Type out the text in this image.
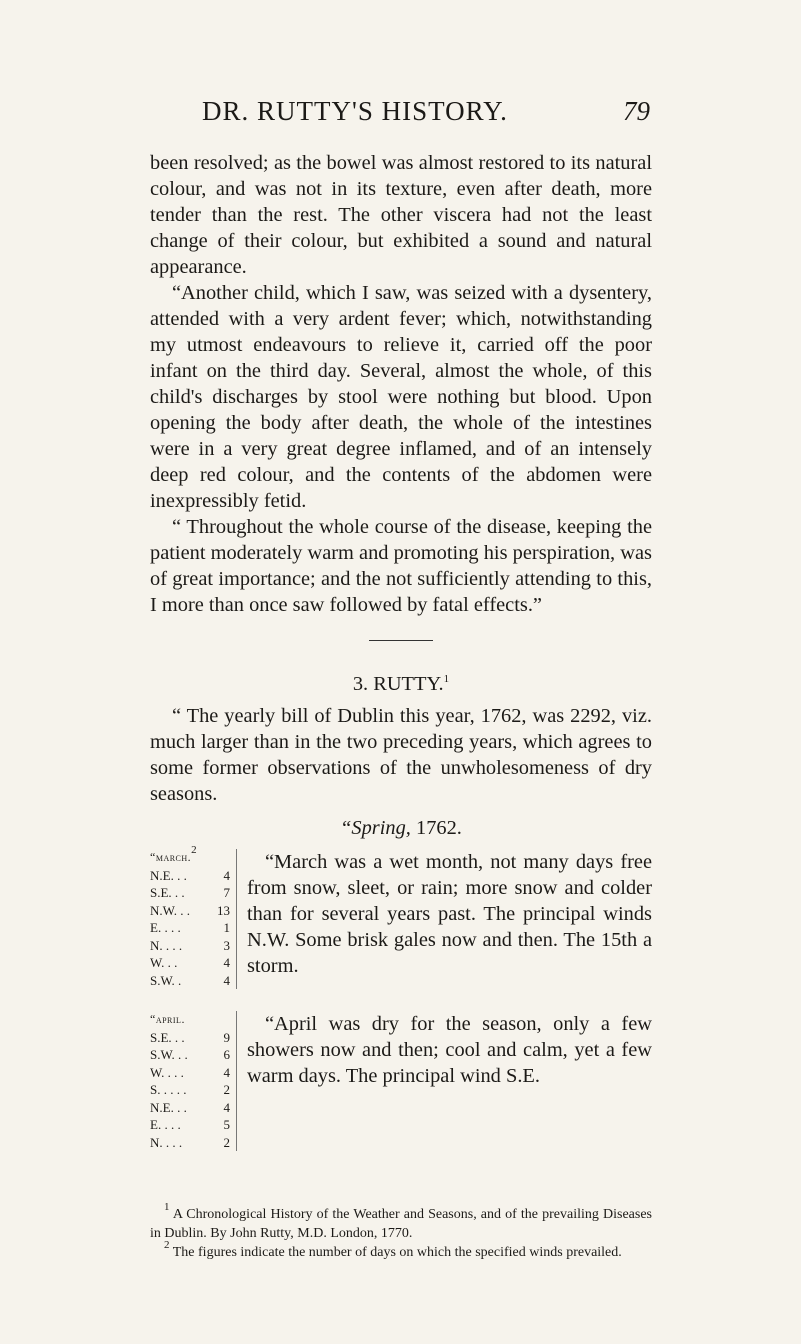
DR. RUTTY'S HISTORY.	79

been resolved; as the bowel was almost restored to its natural colour, and was not in its texture, even after death, more tender than the rest. The other viscera had not the least change of their colour, but exhibited a sound and natural appearance.

“Another child, which I saw, was seized with a dysentery, attended with a very ardent fever; which, notwithstanding my utmost endeavours to relieve it, carried off the poor infant on the third day. Several, almost the whole, of this child's discharges by stool were nothing but blood. Upon opening the body after death, the whole of the intestines were in a very great degree inflamed, and of an intensely deep red colour, and the contents of the abdomen were inexpressibly fetid.

“ Throughout the whole course of the disease, keeping the patient moderately warm and promoting his perspiration, was of great importance; and the not sufficiently attending to this, I more than once saw followed by fatal effects.”

3. RUTTY.$^1$

“ The yearly bill of Dublin this year, 1762, was 2292, viz. much larger than in the two preceding years, which agrees to some former observations of the unwholesomeness of dry seasons.

“Spring, 1762.
“march.$^2$
N.E. . .	4
S.E. . .	7
N.W. . . 13
E. . . .	1
N. . . .	3
W. . .	4
S.W. .	4
“March was a wet month, not many days free from snow, sleet, or rain; more snow and colder than for several years past. The principal winds N.W. Some brisk gales now and then. The 15th a storm.
“april.
S.E. . .	9
S.W. . .	6
W. . . .	4
S. . . . .	2
N.E. . .	4
E. . . .	5
N. . . .	2
“April was dry for the season, only a few showers now and then; cool and calm, yet a few warm days. The principal wind S.E.

$^1$ A Chronological History of the Weather and Seasons, and of the prevailing Diseases in Dublin. By John Rutty, M.D. London, 1770.

$^2$ The figures indicate the number of days on which the specified winds prevailed.
